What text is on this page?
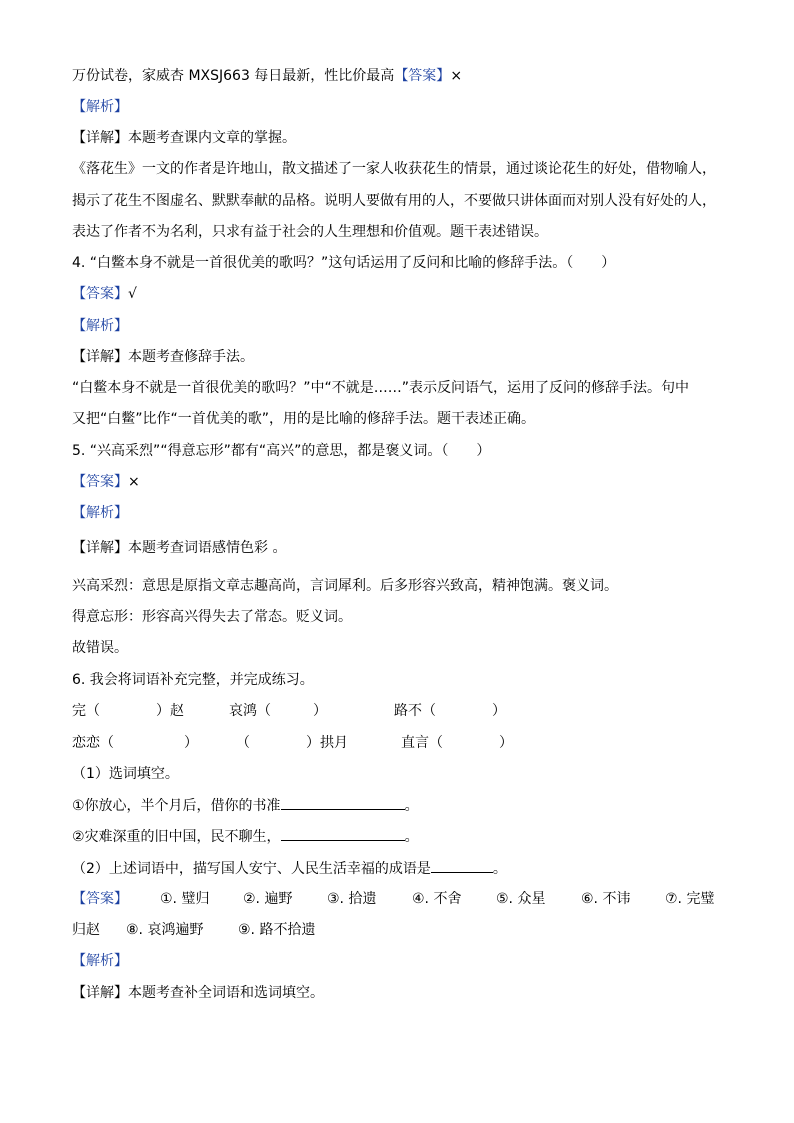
万份试卷，家威杏 MXSJ663 每日最新，性比价最高【答案】×
【解析】
【详解】本题考查课内文章的掌握。
《落花生》一文的作者是许地山，散文描述了一家人收获花生的情景，通过谈论花生的好处，借物喻人，
揭示了花生不图虚名、默默奉献的品格。说明人要做有用的人，不要做只讲体面而对别人没有好处的人，
表达了作者不为名利，只求有益于社会的人生理想和价值观。题干表述错误。
4. “白鳖本身不就是一首很优美的歌吗？”这句话运用了反问和比喻的修辞手法。（　　）
【答案】√
【解析】
【详解】本题考查修辞手法。
“白鳖本身不就是一首很优美的歌吗？”中“不就是……”表示反问语气，运用了反问的修辞手法。句中
又把“白鳖”比作“一首优美的歌”，用的是比喻的修辞手法。题干表述正确。
5. “兴高采烈”“得意忘形”都有“高兴”的意思，都是褒义词。（　　）
【答案】×
【解析】
【详解】本题考查词语感情色彩 。
兴高采烈：意思是原指文章志趣高尚，言词犀利。后多形容兴致高，精神饱满。褒义词。
得意忘形：形容高兴得失去了常态。贬义词。
故错误。
6. 我会将词语补充完整，并完成练习。
完（　　　　）赵	哀鸿（　　　）	路不（　　　　）
恋恋（　　　　　）	（　　　　）拱月	直言（　　　　）
（1）选词填空。
①你放心，半个月后，借你的书准	。
②灾难深重的旧中国，民不聊生，	。
（2）上述词语中，描写国人安宁、人民生活幸福的成语是	。
【答案】 ①. 璧归 ②. 遍野 ③. 拾遗	④. 不舍 ⑤. 众星	⑥. 不讳 ⑦. 完璧
归赵 ⑧. 哀鸿遍野 ⑨. 路不拾遗
【解析】
【详解】本题考查补全词语和选词填空。
